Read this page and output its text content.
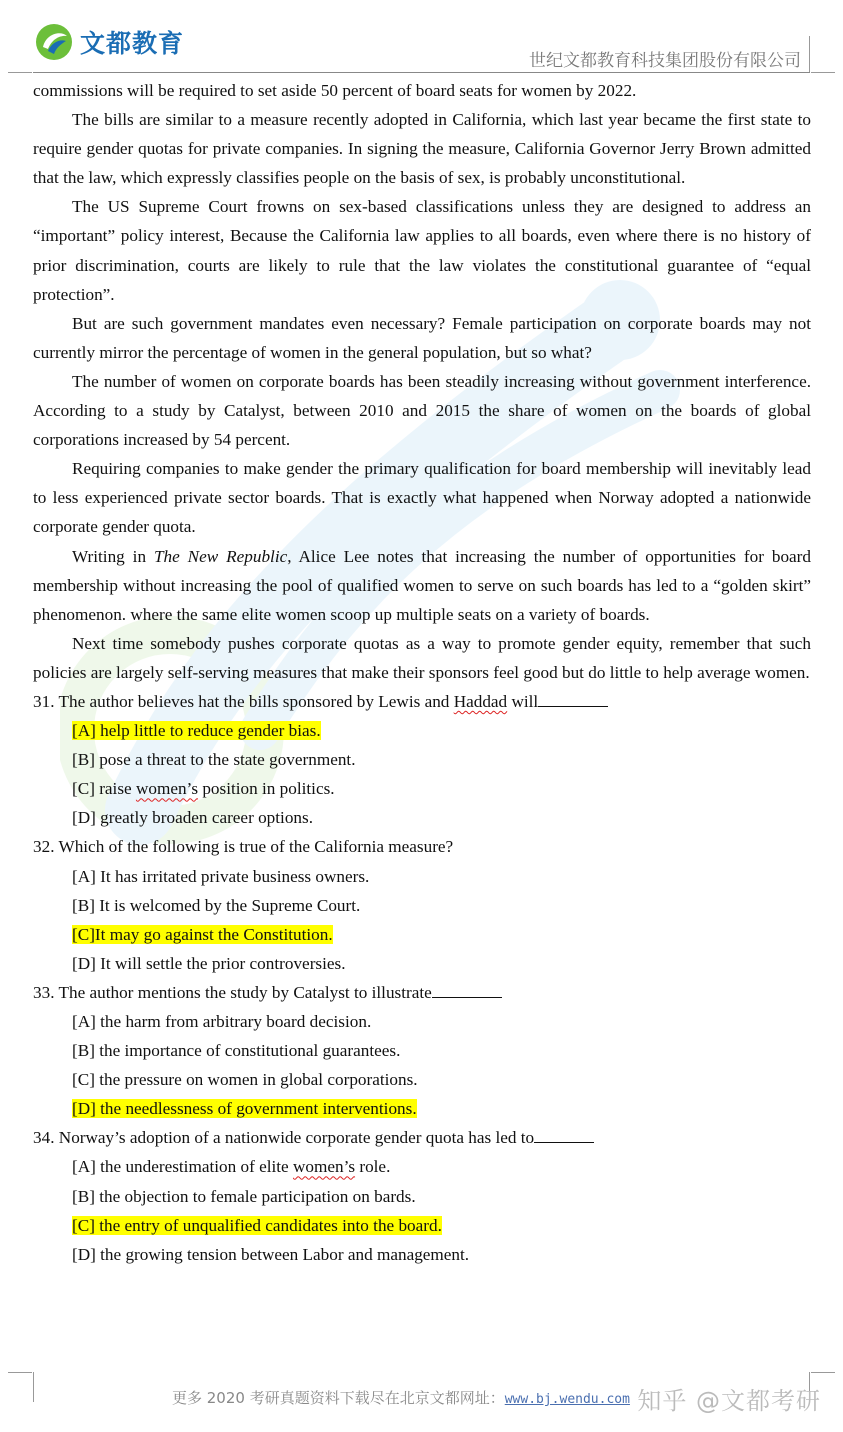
文都教育
世纪文都教育科技集团股份有限公司

commissions will be required to set aside 50 percent of board seats for women by 2022.

The bills are similar to a measure recently adopted in California, which last year became the first state to require gender quotas for private companies. In signing the measure, California Governor Jerry Brown admitted that the law, which expressly classifies people on the basis of sex, is probably unconstitutional.

The US Supreme Court frowns on sex-based classifications unless they are designed to address an “important” policy interest, Because the California law applies to all boards, even where there is no history of prior discrimination, courts are likely to rule that the law violates the constitutional guarantee of “equal protection”.

But are such government mandates even necessary? Female participation on corporate boards may not currently mirror the percentage of women in the general population, but so what?

The number of women on corporate boards has been steadily increasing without government interference. According to a study by Catalyst, between 2010 and 2015 the share of women on the boards of global corporations increased by 54 percent.

Requiring companies to make gender the primary qualification for board membership will inevitably lead to less experienced private sector boards. That is exactly what happened when Norway adopted a nationwide corporate gender quota.

Writing in The New Republic, Alice Lee notes that increasing the number of opportunities for board membership without increasing the pool of qualified women to serve on such boards has led to a “golden skirt” phenomenon. where the same elite women scoop up multiple seats on a variety of boards.

Next time somebody pushes corporate quotas as a way to promote gender equity, remember that such policies are largely self-serving measures that make their sponsors feel good but do little to help average women.

31. The author believes hat the bills sponsored by Lewis and Haddad will

[A] help little to reduce gender bias.

[B] pose a threat to the state government.

[C] raise women’s position in politics.

[D] greatly broaden career options.

32. Which of the following is true of the California measure?

[A] It has irritated private business owners.

[B] It is welcomed by the Supreme Court.

[C]It may go against the Constitution.

[D] It will settle the prior controversies.

33. The author mentions the study by Catalyst to illustrate

[A] the harm from arbitrary board decision.

[B] the importance of constitutional guarantees.

[C] the pressure on women in global corporations.

[D] the needlessness of government interventions.

34. Norway’s adoption of a nationwide corporate gender quota has led to

[A] the underestimation of elite women’s role.

[B] the objection to female participation on bards.

[C] the entry of unqualified candidates into the board.

[D] the growing tension between Labor and management.

更多 2020 考研真题资料下载尽在北京文都网址：www.bj.wendu.com 知乎 @文都考研
